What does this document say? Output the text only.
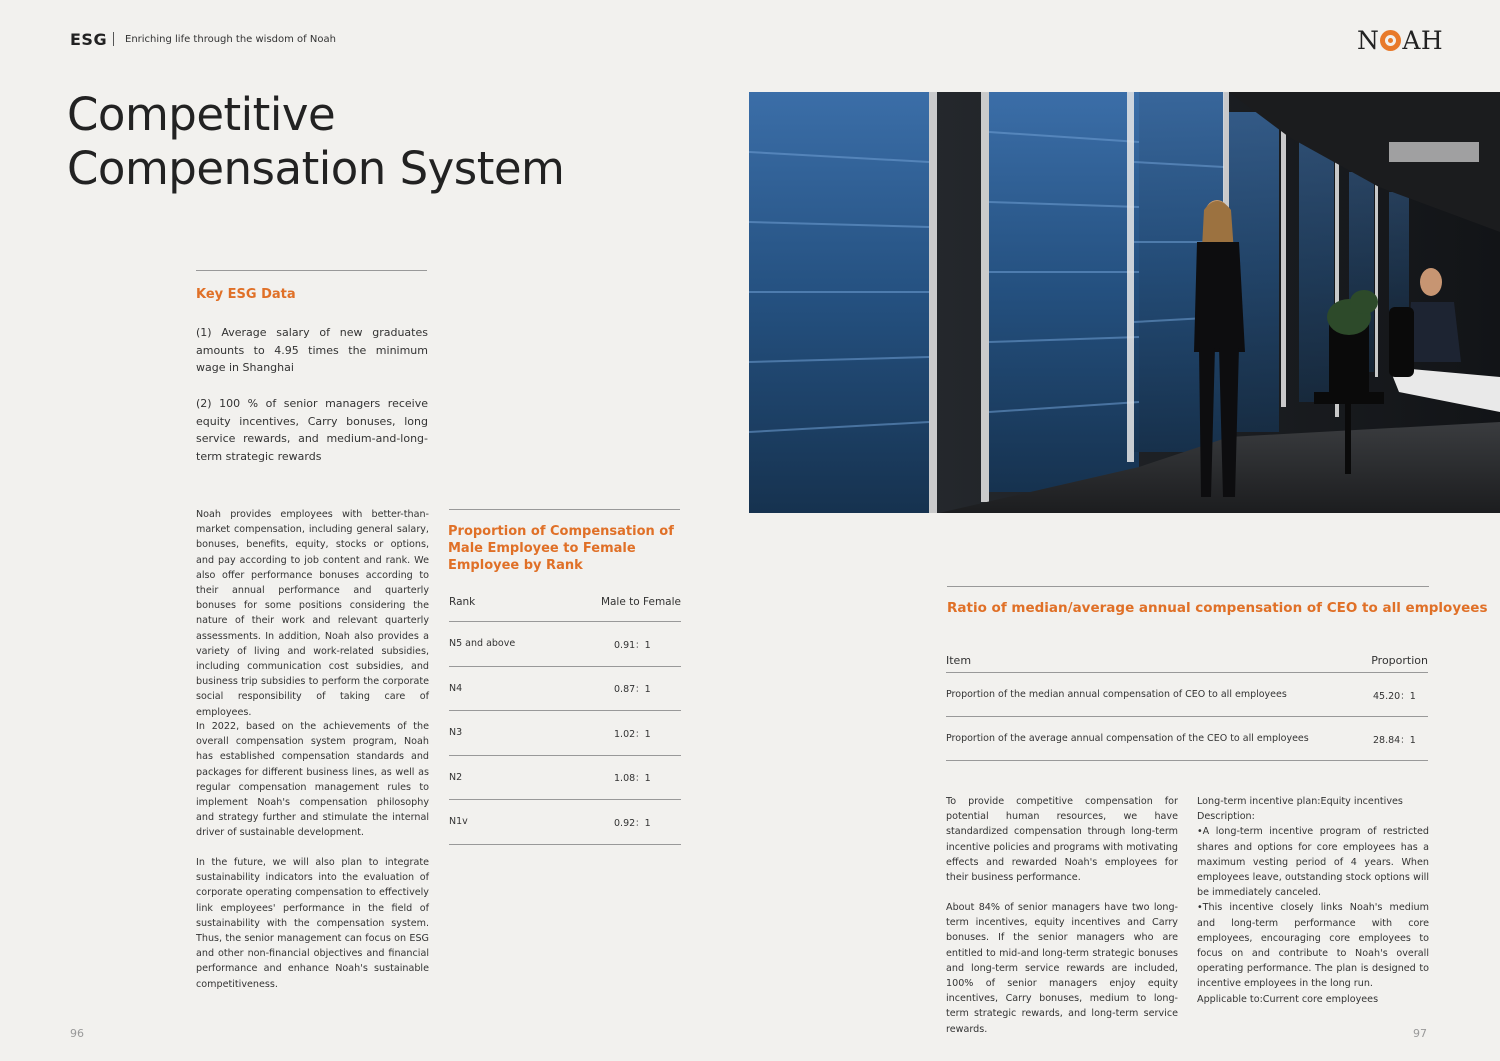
ESG Enriching life through the wisdom of Noah	N AH
Competitive
Compensation System
Key ESG Data

(1) Average salary of new graduates amounts to 4.95 times the minimum wage in Shanghai

(2) 100 % of senior managers receive equity incentives, Carry bonuses, long service rewards, and medium-and-long-term strategic rewards

Noah provides employees with better-than-market compensation, including general salary, bonuses, benefits, equity, stocks or options, and pay according to job content and rank. We also offer performance bonuses according to their annual performance and quarterly bonuses for some positions considering the nature of their work and relevant quarterly assessments. In addition, Noah also provides a variety of living and work-related subsidies, including communication cost subsidies, and business trip subsidies to perform the corporate social responsibility of taking care of employees.

In 2022, based on the achievements of the overall compensation system program, Noah has established compensation standards and packages for different business lines, as well as regular compensation management rules to implement Noah's compensation philosophy and strategy further and stimulate the internal driver of sustainable development.

In the future, we will also plan to integrate sustainability indicators into the evaluation of corporate operating compensation to effectively link employees' performance in the field of sustainability with the compensation system. Thus, the senior management can focus on ESG and other non-financial objectives and financial performance and enhance Noah's sustainable competitiveness.

Proportion of Compensation of Male Employee to Female Employee by Rank
Rank	Male to Female
N5 and above	0.91：1
N4	0.87：1
N3	1.02：1
N2	1.08：1
N1v	0.92：1
Ratio of median/average annual compensation of CEO to all employees
Item	Proportion
Proportion of the median annual compensation of CEO to all employees	45.20：1
Proportion of the average annual compensation of the CEO to all employees	28.84：1

To provide competitive compensation for potential human resources, we have standardized compensation through long-term incentive policies and programs with motivating effects and rewarded Noah's employees for their business performance.

About 84% of senior managers have two long-term incentives, equity incentives and Carry bonuses. If the senior managers who are entitled to mid-and long-term strategic bonuses and long-term service rewards are included, 100% of senior managers enjoy equity incentives, Carry bonuses, medium to long-term strategic rewards, and long-term service rewards.

Long-term incentive plan:Equity incentives
Description:
•A long-term incentive program of restricted shares and options for core employees has a maximum vesting period of 4 years. When employees leave, outstanding stock options will be immediately canceled.
•This incentive closely links Noah's medium and long-term performance with core employees, encouraging core employees to focus on and contribute to Noah's overall operating performance. The plan is designed to incentive employees in the long run.
Applicable to:Current core employees
96	97
